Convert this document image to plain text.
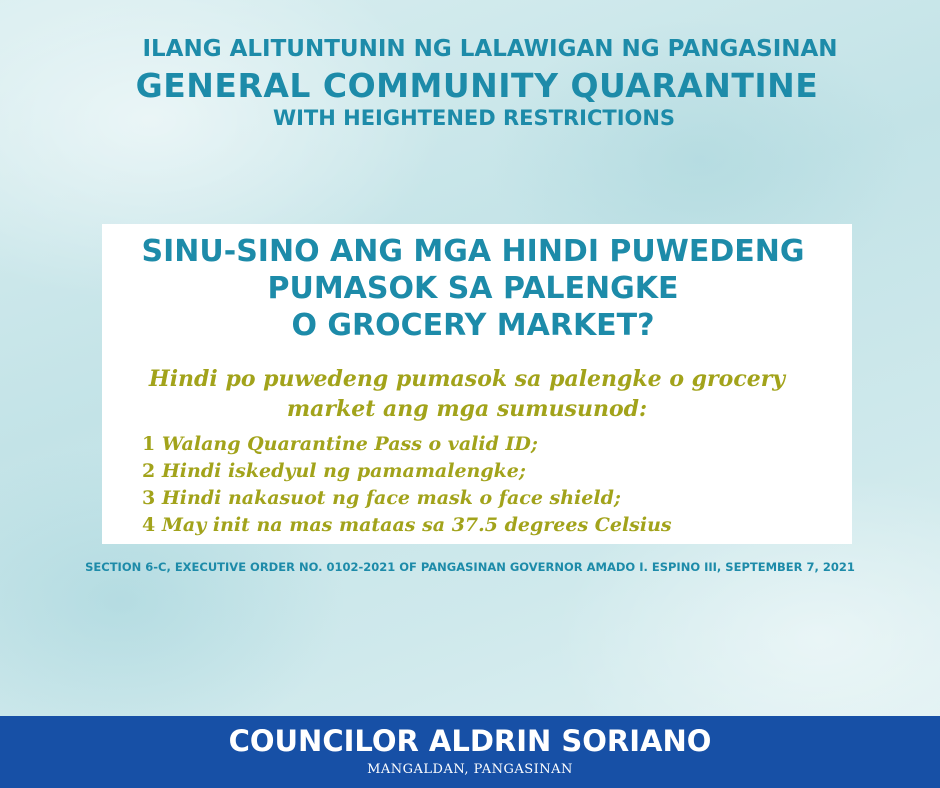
ILANG ALITUNTUNIN NG LALAWIGAN NG PANGASINAN
GENERAL COMMUNITY QUARANTINE
WITH HEIGHTENED RESTRICTIONS
SINU-SINO ANG MGA HINDI PUWEDENG
PUMASOK SA PALENGKE
O GROCERY MARKET?
Hindi po puwedeng pumasok sa palengke o grocery
market ang mga sumusunod:
1 Walang Quarantine Pass o valid ID;
2 Hindi iskedyul ng pamamalengke;
3 Hindi nakasuot ng face mask o face shield;
4 May init na mas mataas sa 37.5 degrees Celsius
SECTION 6-C, EXECUTIVE ORDER NO. 0102-2021 OF PANGASINAN GOVERNOR AMADO I. ESPINO III, SEPTEMBER 7, 2021
COUNCILOR ALDRIN SORIANO
MANGALDAN, PANGASINAN
